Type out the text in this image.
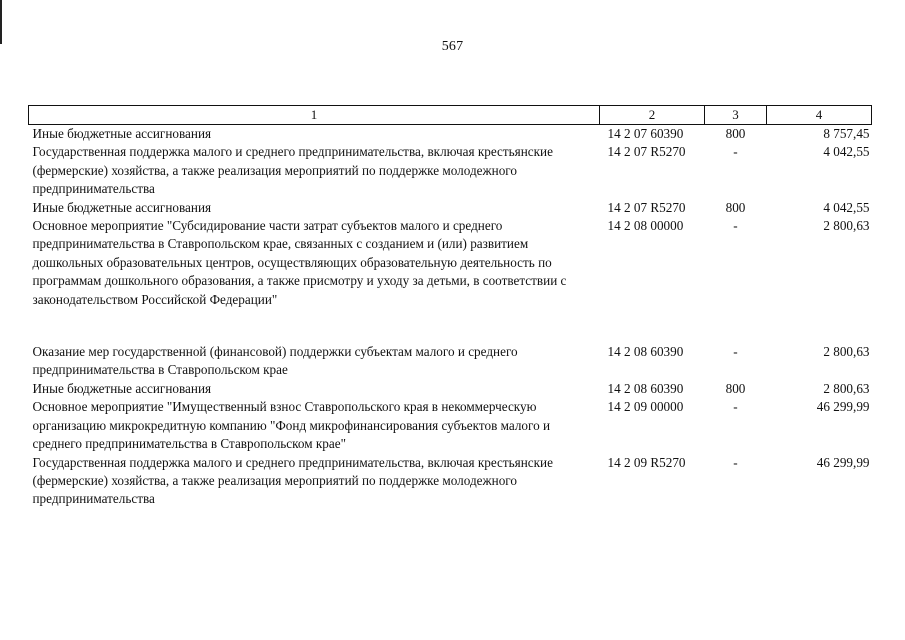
567
1	2	3	4
Иные бюджетные ассигнования	14 2 07 60390	800	8 757,45
Государственная поддержка малого и среднего предпринимательства, включая крестьянские (фермерские) хозяйства, а также реализация мероприятий по поддержке молодежного предпринимательства	14 2 07 R5270	-	4 042,55
Иные бюджетные ассигнования	14 2 07 R5270	800	4 042,55
Основное мероприятие "Субсидирование части затрат субъектов малого и среднего предпринимательства в Ставропольском крае, связанных с созданием и (или) развитием дошкольных образовательных центров, осуществляющих образовательную деятельность по программам дошкольного образования, а также присмотру и уходу за детьми, в соответствии с законодательством Российской Федерации"	14 2 08 00000	-	2 800,63
Оказание мер государственной (финансовой) поддержки субъектам малого и среднего предпринимательства в Ставропольском крае	14 2 08 60390	-	2 800,63
Иные бюджетные ассигнования	14 2 08 60390	800	2 800,63
Основное мероприятие "Имущественный взнос Ставропольского края в некоммерческую организацию микрокредитную компанию "Фонд микрофинансирования субъектов малого и среднего предпринимательства в Ставропольском крае"	14 2 09 00000	-	46 299,99
Государственная поддержка малого и среднего предпринимательства, включая крестьянские (фермерские) хозяйства, а также реализация мероприятий по поддержке молодежного предпринимательства	14 2 09 R5270	-	46 299,99
